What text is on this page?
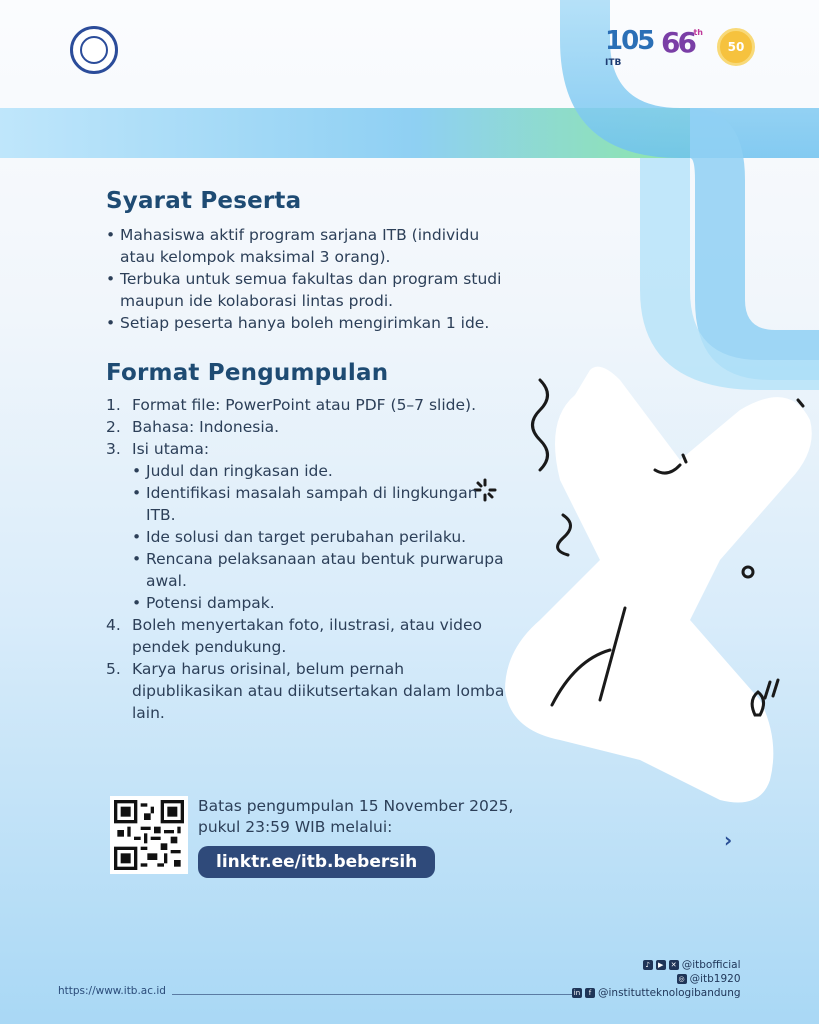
105
ITB
66 th
50
Syarat Peserta
• Mahasiswa aktif program sarjana ITB (individu atau kelompok maksimal 3 orang).
• Terbuka untuk semua fakultas dan program studi maupun ide kolaborasi lintas prodi.
• Setiap peserta hanya boleh mengirimkan 1 ide.
Format Pengumpulan
1. Format file: PowerPoint atau PDF (5–7 slide).
2. Bahasa: Indonesia.
3. Isi utama:
• Judul dan ringkasan ide.
• Identifikasi masalah sampah di lingkungan ITB.
• Ide solusi dan target perubahan perilaku.
• Rencana pelaksanaan atau bentuk purwarupa awal.
• Potensi dampak.
4. Boleh menyertakan foto, ilustrasi, atau video pendek pendukung.
5. Karya harus orisinal, belum pernah dipublikasikan atau diikutsertakan dalam lomba lain.
Batas pengumpulan 15 November 2025,
pukul 23:59 WIB melalui:
linktr.ee/itb.bebersih
›
https://www.itb.ac.id
♪	▶	✕ @itbofficial
◎ @itb1920
in	f @institutteknologibandung
